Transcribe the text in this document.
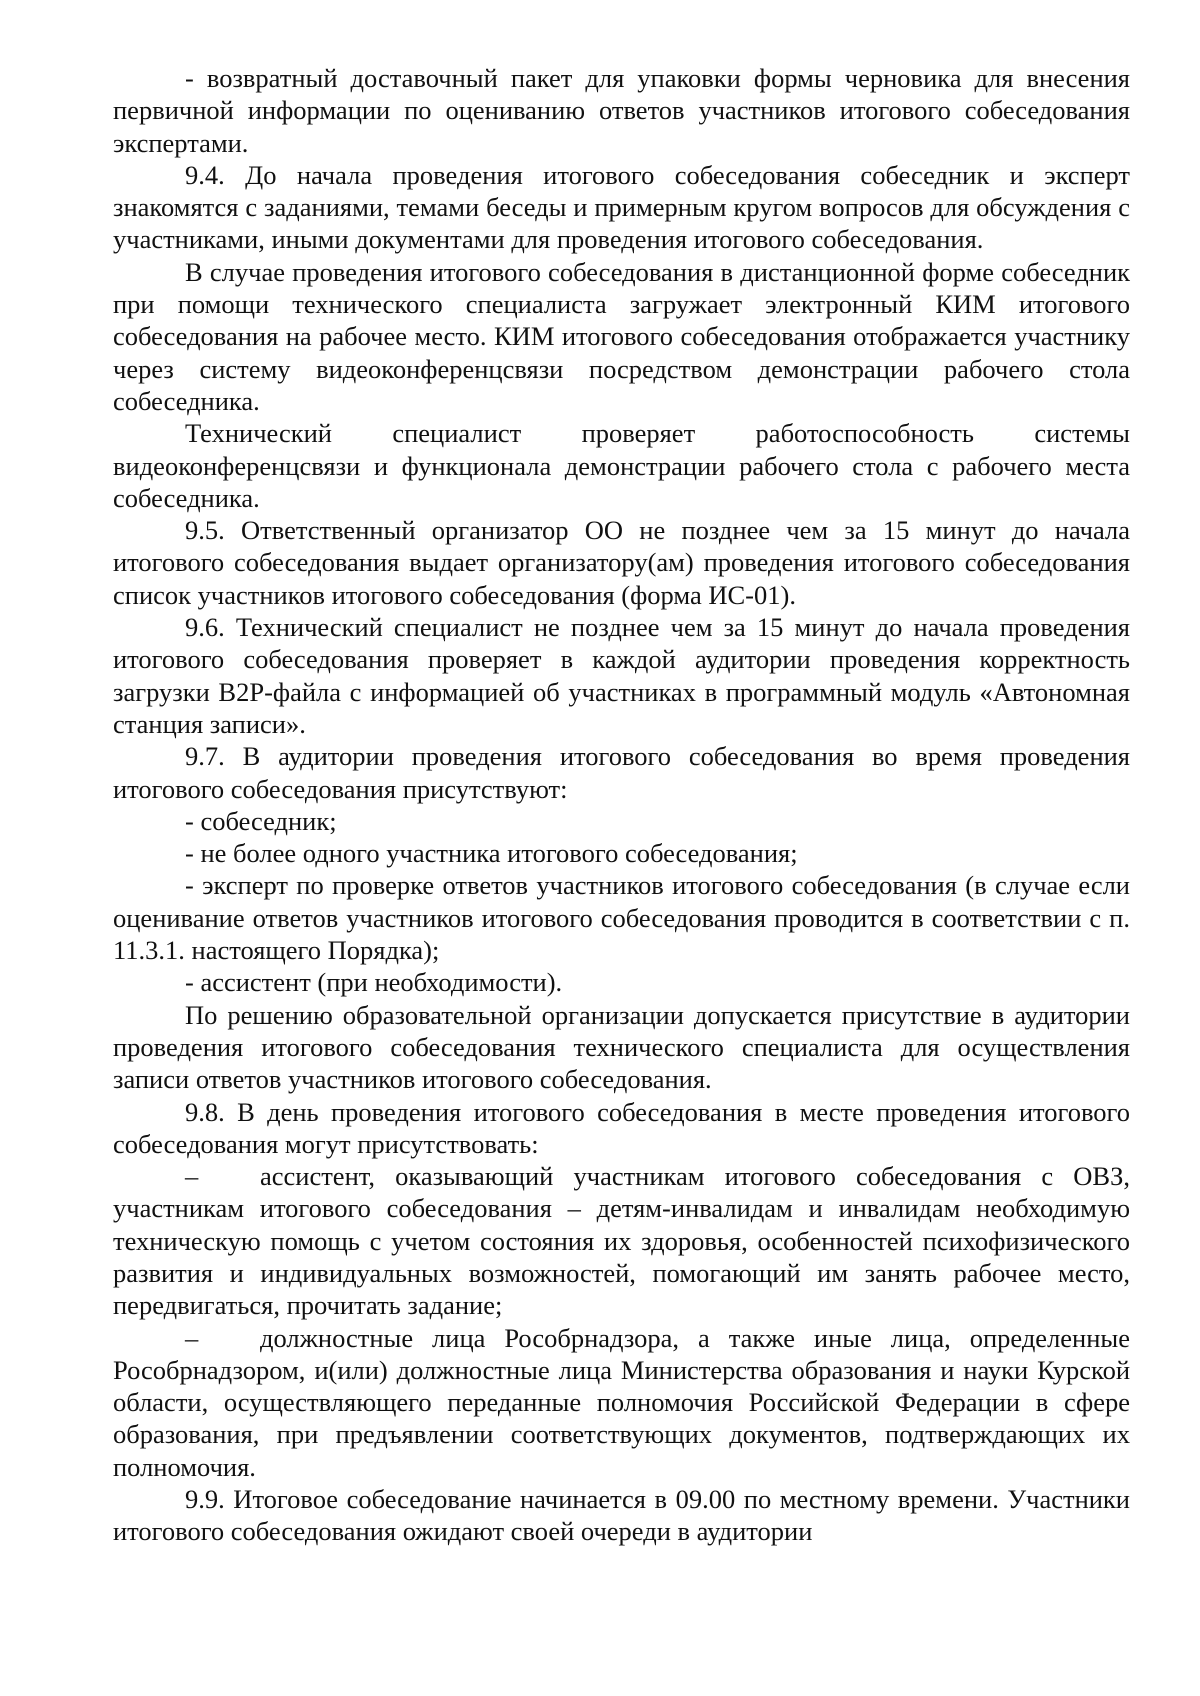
- возвратный доставочный пакет для упаковки формы черновика для внесения первичной информации по оцениванию ответов участников итогового собеседования экспертами.

9.4. До начала проведения итогового собеседования собеседник и эксперт знакомятся с заданиями, темами беседы и примерным кругом вопросов для обсуждения с участниками, иными документами для проведения итогового собеседования.

В случае проведения итогового собеседования в дистанционной форме собеседник при помощи технического специалиста загружает электронный КИМ итогового собеседования на рабочее место. КИМ итогового собеседования отображается участнику через систему видеоконференцсвязи посредством демонстрации рабочего стола собеседника.

Технический специалист проверяет работоспособность системы видеоконференцсвязи и функционала демонстрации рабочего стола с рабочего места собеседника.

9.5. Ответственный организатор ОО не позднее чем за 15 минут до начала итогового собеседования выдает организатору(ам) проведения итогового собеседования список участников итогового собеседования (форма ИС-01).

9.6. Технический специалист не позднее чем за 15 минут до начала проведения итогового собеседования проверяет в каждой аудитории проведения корректность загрузки B2P-файла с информацией об участниках в программный модуль «Автономная станция записи».

9.7. В аудитории проведения итогового собеседования во время проведения итогового собеседования присутствуют:

- собеседник;

- не более одного участника итогового собеседования;

- эксперт по проверке ответов участников итогового собеседования (в случае если оценивание ответов участников итогового собеседования проводится в соответствии с п. 11.3.1. настоящего Порядка);

- ассистент (при необходимости).

По решению образовательной организации допускается присутствие в аудитории проведения итогового собеседования технического специалиста для осуществления записи ответов участников итогового собеседования.

9.8. В день проведения итогового собеседования в месте проведения итогового собеседования могут присутствовать:

– ассистент, оказывающий участникам итогового собеседования с ОВЗ, участникам итогового собеседования – детям-инвалидам и инвалидам необходимую техническую помощь с учетом состояния их здоровья, особенностей психофизического развития и индивидуальных возможностей, помогающий им занять рабочее место, передвигаться, прочитать задание;

– должностные лица Рособрнадзора, а также иные лица, определенные Рособрнадзором, и(или) должностные лица Министерства образования и науки Курской области, осуществляющего переданные полномочия Российской Федерации в сфере образования, при предъявлении соответствующих документов, подтверждающих их полномочия.

9.9. Итоговое собеседование начинается в 09.00 по местному времени. Участники итогового собеседования ожидают своей очереди в аудитории
